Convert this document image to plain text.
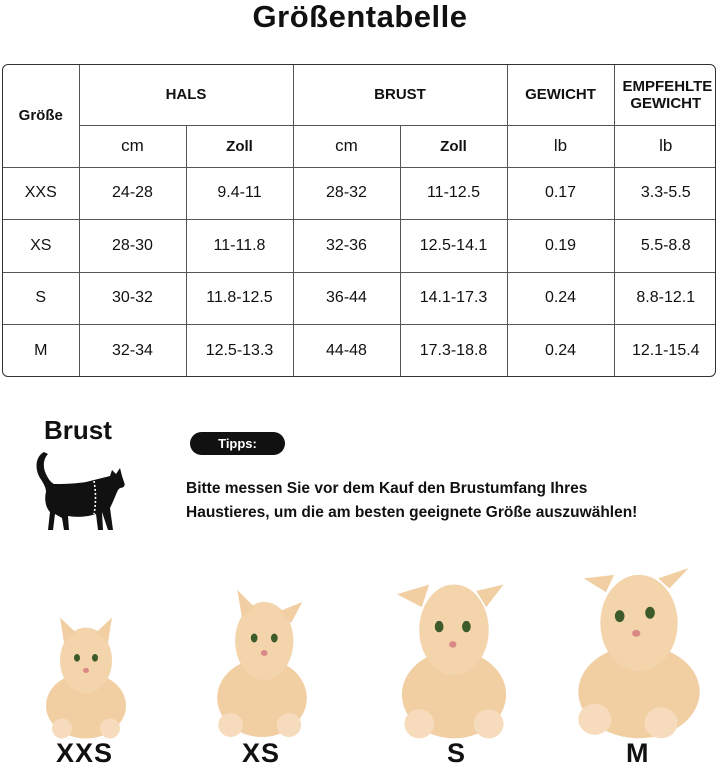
Größentabelle
Größe	HALS		BRUST		GEWICHT	EMPFEHLTE GEWICHT
	cm	Zoll	cm	Zoll	lb	lb
XXS	24-28	9.4-11	28-32	11-12.5	0.17	3.3-5.5
XS	28-30	11-11.8	32-36	12.5-14.1	0.19	5.5-8.8
S	30-32	11.8-12.5	36-44	14.1-17.3	0.24	8.8-12.1
M	32-34	12.5-13.3	44-48	17.3-18.8	0.24	12.1-15.4
Brust	Tipps:
Bitte messen Sie vor dem Kauf den Brustumfang Ihres
Haustieres, um die am besten geeignete Größe auszuwählen!
XXS	XS	S	M
